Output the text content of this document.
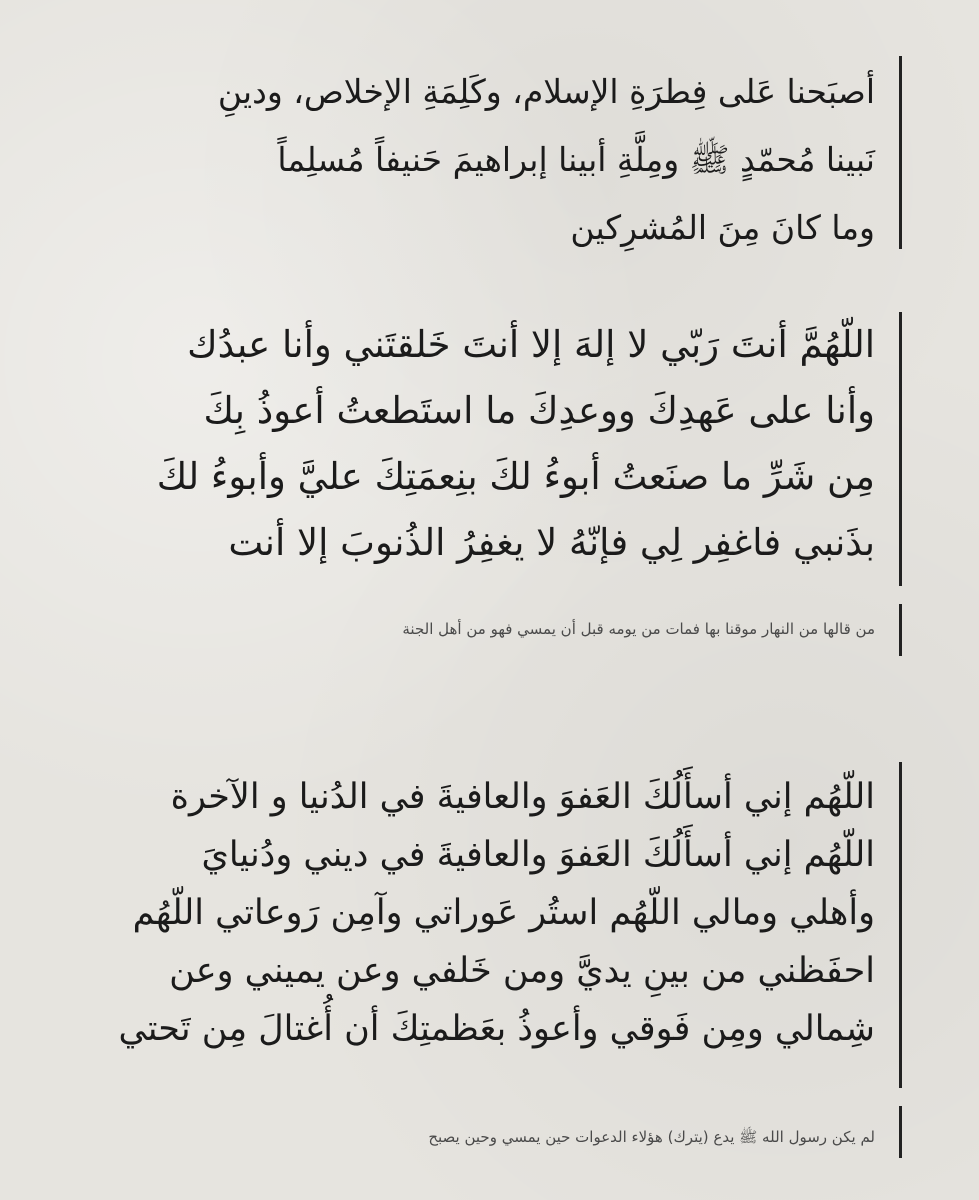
أصبَحنا عَلى فِطرَةِ الإسلام، وكَلِمَةِ الإخلاص، ودينِ
نَبينا مُحمّدٍ ﷺ ومِلَّةِ أبينا إبراهيمَ حَنيفاً مُسلِماً
وما كانَ مِنَ المُشرِكين
اللّهُمَّ أنتَ رَبّي لا إلهَ إلا أنتَ خَلقتَني وأنا عبدُك
وأنا على عَهدِكَ ووعدِكَ ما استَطعتُ أعوذُ بِكَ
مِن شَرِّ ما صنَعتُ أبوءُ لكَ بنِعمَتِكَ عليَّ وأبوءُ لكَ
بذَنبي فاغفِر لِي فإنّهُ لا يغفِرُ الذُنوبَ إلا أنت
من قالها من النهار موقنا بها فمات من يومه قبل أن يمسي فهو من أهل الجنة
اللّهُم إني أسأَلُكَ العَفوَ والعافيةَ في الدُنيا و الآخرة
اللّهُم إني أسأَلُكَ العَفوَ والعافيةَ في ديني ودُنيايَ
وأهلي ومالي اللّهُم استُر عَوراتي وآمِن رَوعاتي اللّهُم
احفَظني من بينِ يديَّ ومن خَلفي وعن يميني وعن
شِمالي ومِن فَوقي وأعوذُ بعَظمتِكَ أن أُغتالَ مِن تَحتي
لم يكن رسول الله ﷺ يدع (يترك) هؤلاء الدعوات حين يمسي وحين يصبح
